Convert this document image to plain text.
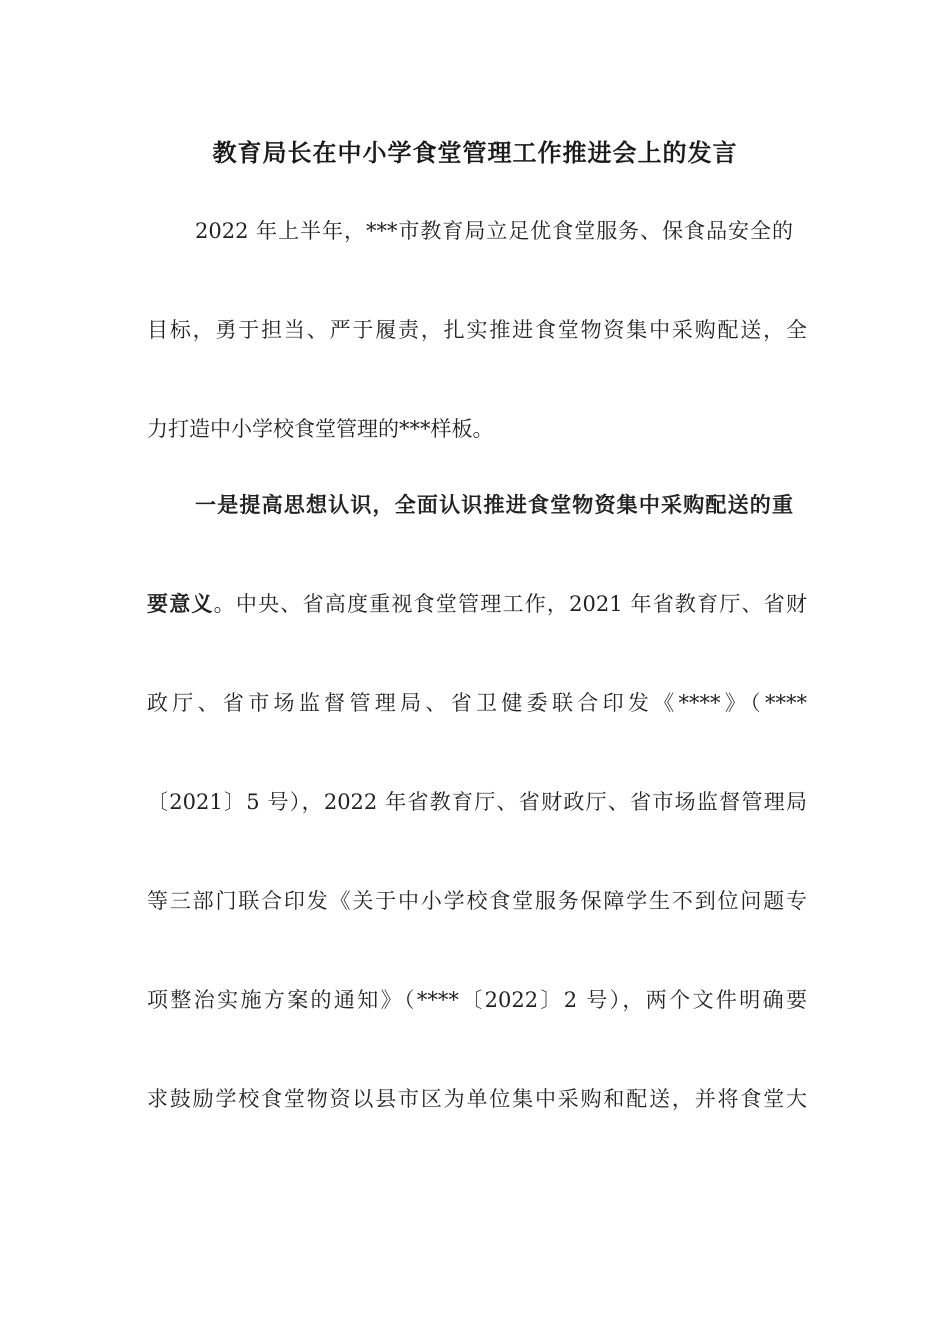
教育局长在中小学食堂管理工作推进会上的发言
2022 年上半年，***市教育局立足优食堂服务、保食品安全的
目标，勇于担当、严于履责，扎实推进食堂物资集中采购配送，全
力打造中小学校食堂管理的***样板。
一是提高思想认识，全面认识推进食堂物资集中采购配送的重
要意义。中央、省高度重视食堂管理工作，2021 年省教育厅、省财
政厅、省市场监督管理局、省卫健委联合印发《****》（****
〔2021〕5 号），2022 年省教育厅、省财政厅、省市场监督管理局
等三部门联合印发《关于中小学校食堂服务保障学生不到位问题专
项整治实施方案的通知》（****〔2022〕2 号），两个文件明确要
求鼓励学校食堂物资以县市区为单位集中采购和配送，并将食堂大
